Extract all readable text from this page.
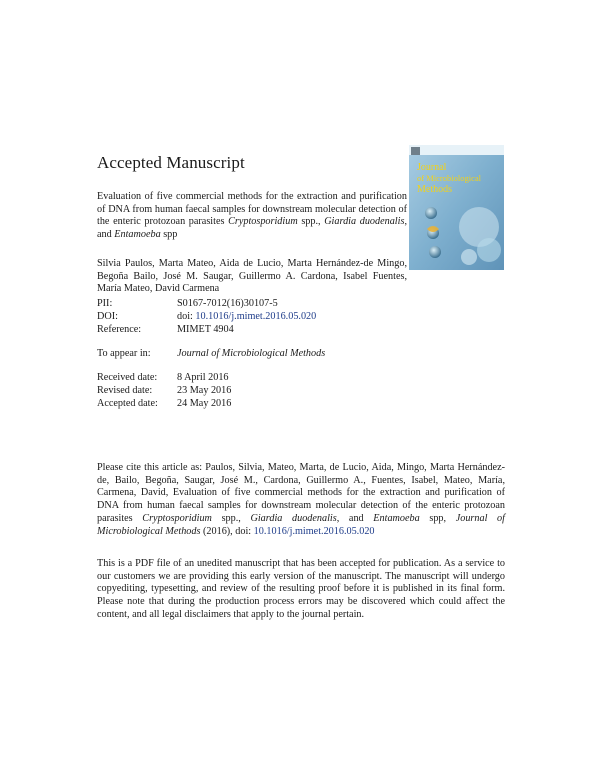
Accepted Manuscript
Evaluation of five commercial methods for the extraction and purification of DNA from human faecal samples for downstream molecular detection of the enteric protozoan parasites Cryptosporidium spp., Giardia duodenalis, and Entamoeba spp
Silvia Paulos, Marta Mateo, Aida de Lucio, Marta Hernández-de Mingo, Begoña Bailo, José M. Saugar, Guillermo A. Cardona, Isabel Fuentes, María Mateo, David Carmena
PII:	S0167-7012(16)30107-5
DOI:	doi: 10.1016/j.mimet.2016.05.020
Reference:	MIMET 4904
To appear in:	Journal of Microbiological Methods
Received date: 8 April 2016
Revised date: 23 May 2016
Accepted date: 24 May 2016
Please cite this article as: Paulos, Silvia, Mateo, Marta, de Lucio, Aida, Mingo, Marta Hernández-de, Bailo, Begoña, Saugar, José M., Cardona, Guillermo A., Fuentes, Isabel, Mateo, María, Carmena, David, Evaluation of five commercial methods for the extraction and purification of DNA from human faecal samples for downstream molecular detection of the enteric protozoan parasites Cryptosporidium spp., Giardia duodenalis, and Entamoeba spp, Journal of Microbiological Methods (2016), doi: 10.1016/j.mimet.2016.05.020
This is a PDF file of an unedited manuscript that has been accepted for publication. As a service to our customers we are providing this early version of the manuscript. The manuscript will undergo copyediting, typesetting, and review of the resulting proof before it is published in its final form. Please note that during the production process errors may be discovered which could affect the content, and all legal disclaimers that apply to the journal pertain.
Journal
of Microbiological
Methods
